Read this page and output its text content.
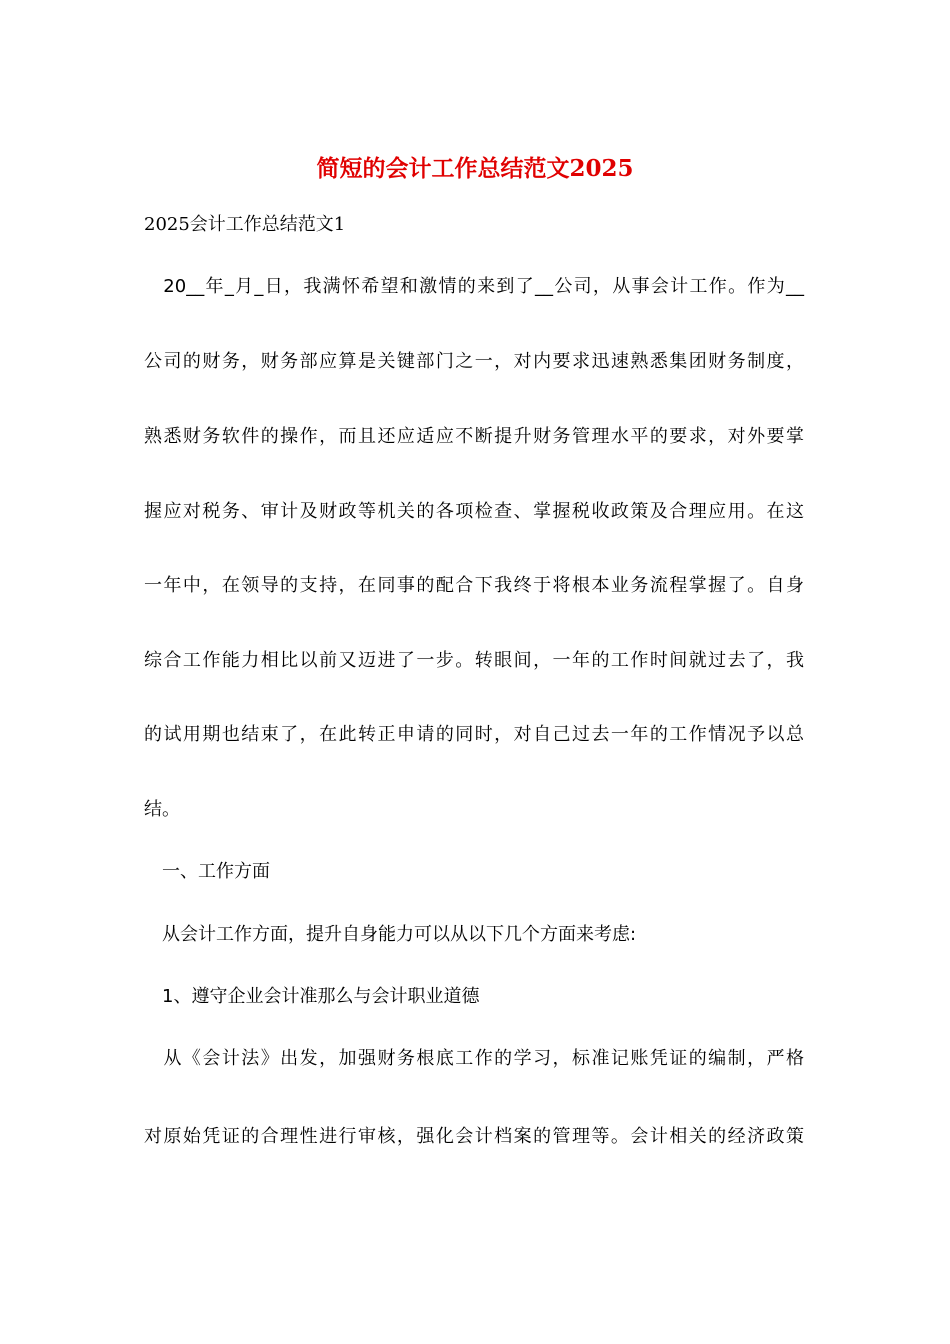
简短的会计工作总结范文2025

2025会计工作总结范文1

　20__年_月_日，我满怀希望和激情的来到了__公司，从事会计工作。作为__

公司的财务，财务部应算是关键部门之一，对内要求迅速熟悉集团财务制度，

熟悉财务软件的操作，而且还应适应不断提升财务管理水平的要求，对外要掌

握应对税务、审计及财政等机关的各项检查、掌握税收政策及合理应用。在这

一年中，在领导的支持，在同事的配合下我终于将根本业务流程掌握了。自身

综合工作能力相比以前又迈进了一步。转眼间，一年的工作时间就过去了，我

的试用期也结束了，在此转正申请的同时，对自己过去一年的工作情况予以总

结。

　一、工作方面

　从会计工作方面，提升自身能力可以从以下几个方面来考虑:

　1、遵守企业会计准那么与会计职业道德

　从《会计法》出发，加强财务根底工作的学习，标准记账凭证的编制，严格

对原始凭证的合理性进行审核，强化会计档案的管理等。会计相关的经济政策
